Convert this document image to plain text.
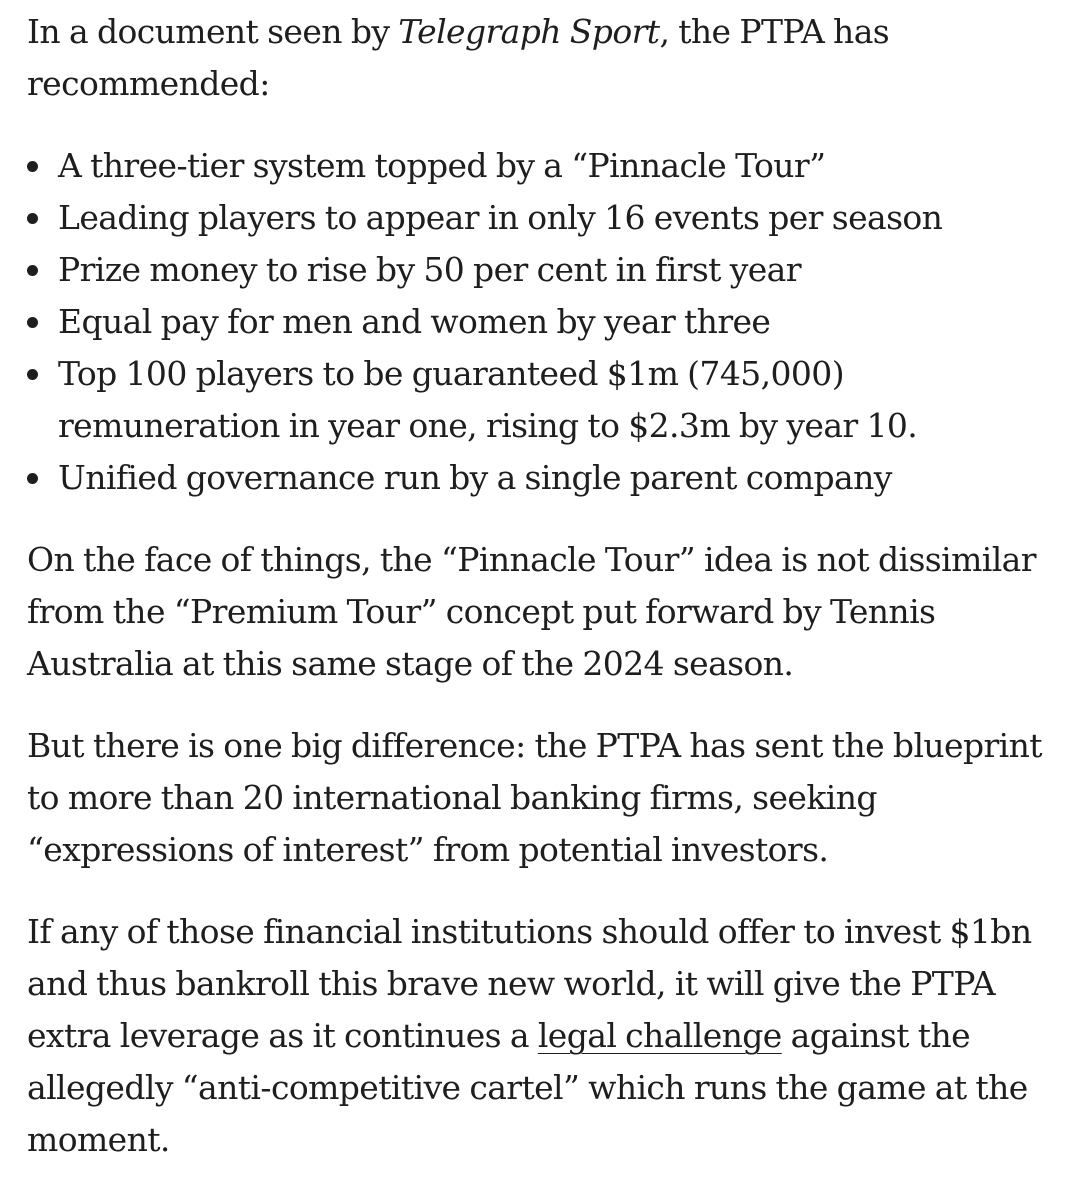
In a document seen by Telegraph Sport, the PTPA has recommended:

A three-tier system topped by a “Pinnacle Tour”
Leading players to appear in only 16 events per season
Prize money to rise by 50 per cent in first year
Equal pay for men and women by year three
Top 100 players to be guaranteed $1m (745,000) remuneration in year one, rising to $2.3m by year 10.
Unified governance run by a single parent company

On the face of things, the “Pinnacle Tour” idea is not dissimilar from the “Premium Tour” concept put forward by Tennis Australia at this same stage of the 2024 season.

But there is one big difference: the PTPA has sent the blueprint to more than 20 international banking firms, seeking “expressions of interest” from potential investors.

If any of those financial institutions should offer to invest $1bn and thus bankroll this brave new world, it will give the PTPA extra leverage as it continues a legal challenge against the allegedly “anti-competitive cartel” which runs the game at the moment.
